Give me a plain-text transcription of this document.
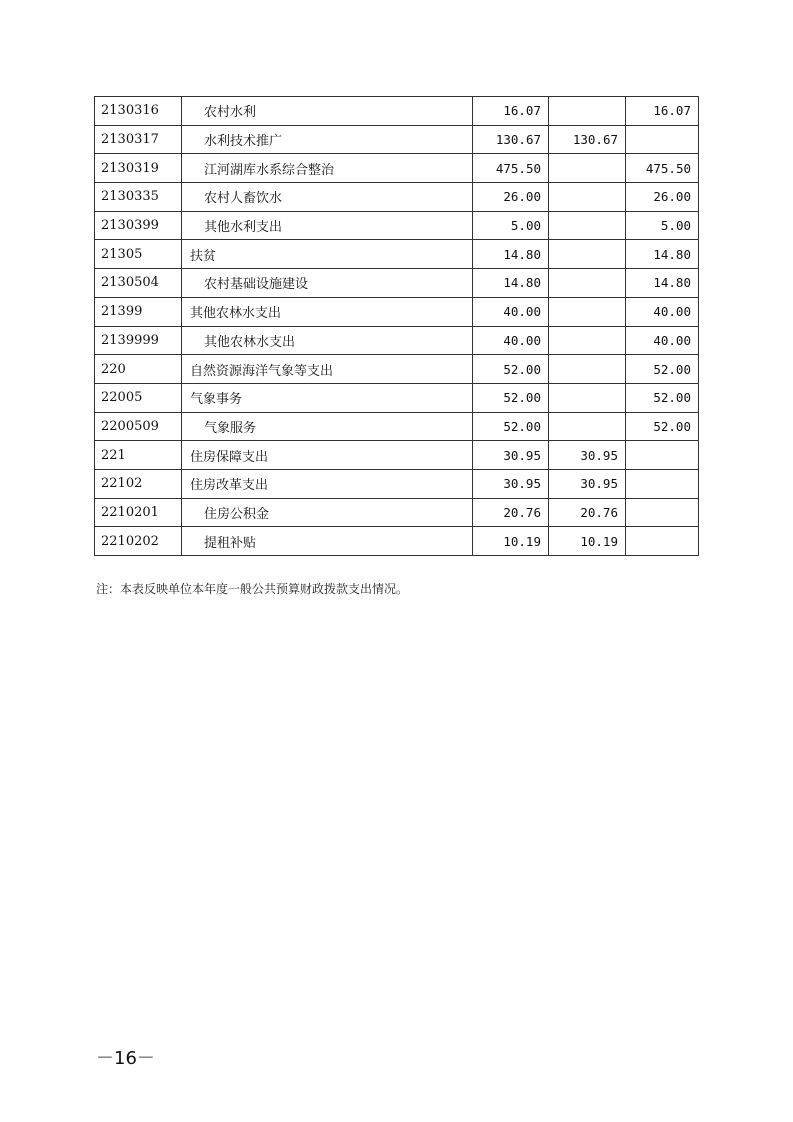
2130316	农村水利	16.07		16.07
2130317	水利技术推广	130.67	130.67	
2130319	江河湖库水系综合整治	475.50		475.50
2130335	农村人畜饮水	26.00		26.00
2130399	其他水利支出	5.00		5.00
21305	扶贫	14.80		14.80
2130504	农村基础设施建设	14.80		14.80
21399	其他农林水支出	40.00		40.00
2139999	其他农林水支出	40.00		40.00
220	自然资源海洋气象等支出	52.00		52.00
22005	气象事务	52.00		52.00
2200509	气象服务	52.00		52.00
221	住房保障支出	30.95	30.95	
22102	住房改革支出	30.95	30.95	
2210201	住房公积金	20.76	20.76	
2210202	提租补贴	10.19	10.19	
注：本表反映单位本年度一般公共预算财政拨款支出情况。
－16－
